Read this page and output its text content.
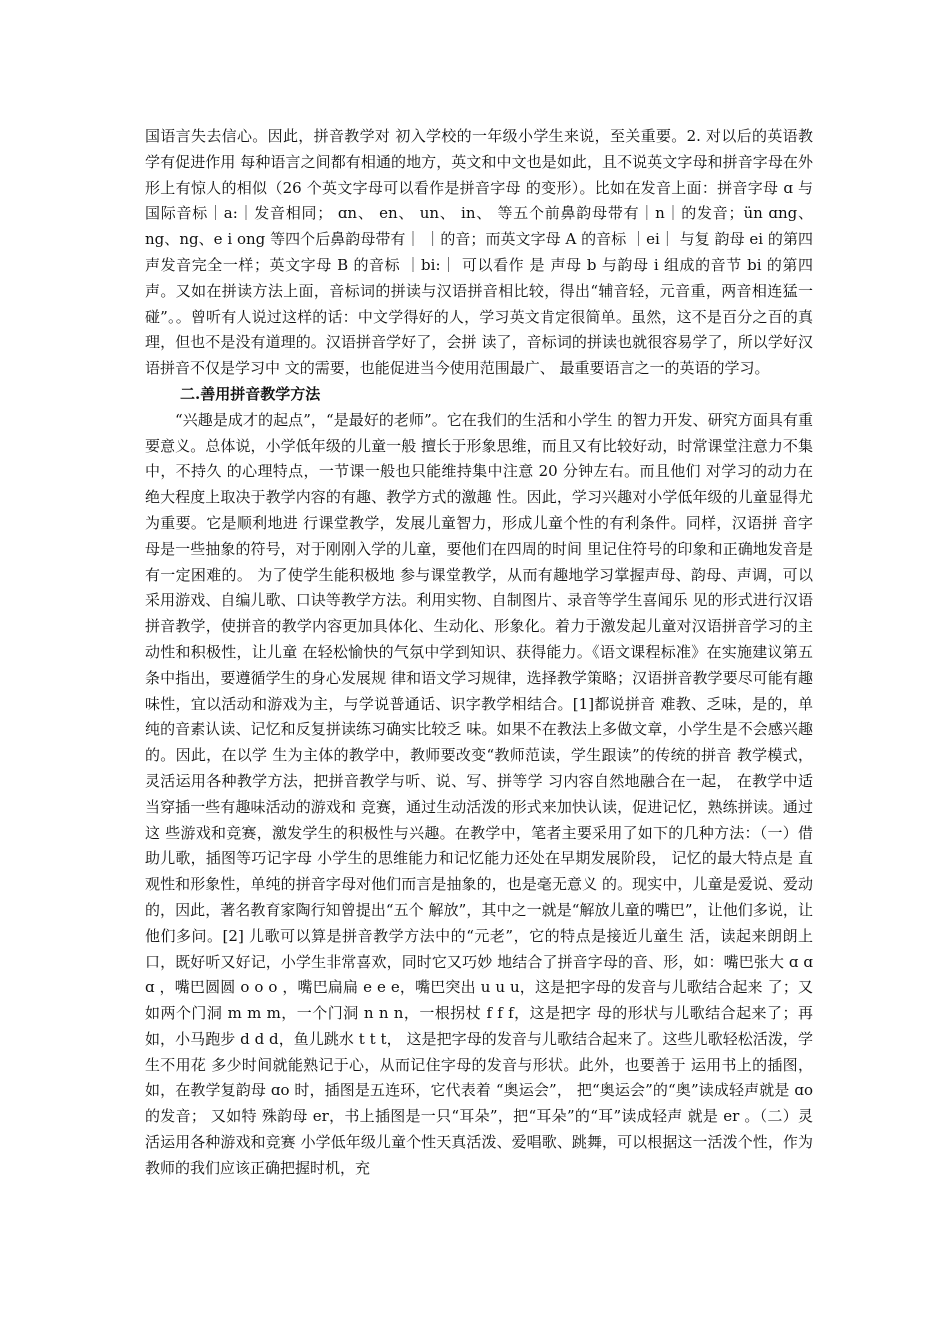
国语言失去信心。因此，拼音教学对 初入学校的一年级小学生来说，至关重要。2. 对以后的英语教学有促进作用 每种语言之间都有相通的地方，英文和中文也是如此，且不说英文字母和拼音字母在外形上有惊人的相似（26 个英文字母可以看作是拼音字母 的变形）。比如在发音上面：拼音字母 ɑ 与国际音标｜a:｜发音相同； ɑn、 en、 un、 in、 等五个前鼻韵母带有｜n｜的发音；ün ɑng、ng、ng、e i ong 等四个后鼻韵母带有｜ ｜的音；而英文字母 A 的音标 ｜ei｜ 与复 韵母 ei 的第四声发音完全一样；英文字母 B 的音标 ｜bi:｜ 可以看作 是 声母 b 与韵母 i 组成的音节 bi 的第四声。又如在拼读方法上面，音标词的拼读与汉语拼音相比较，得出“辅音轻，元音重，两音相连猛一碰”。。曾听有人说过这样的话：中文学得好的人，学习英文肯定很简单。虽然，这不是百分之百的真理，但也不是没有道理的。汉语拼音学好了，会拼 读了，音标词的拼读也就很容易学了，所以学好汉语拼音不仅是学习中 文的需要，也能促进当今使用范围最广、 最重要语言之一的英语的学习。

二.善用拼音教学方法

“兴趣是成才的起点”，“是最好的老师”。它在我们的生活和小学生 的智力开发、研究方面具有重要意义。总体说，小学低年级的儿童一般 擅长于形象思维，而且又有比较好动，时常课堂注意力不集中，不持久 的心理特点，一节课一般也只能维持集中注意 20 分钟左右。而且他们 对学习的动力在绝大程度上取决于教学内容的有趣、教学方式的激趣 性。因此，学习兴趣对小学低年级的儿童显得尤为重要。它是顺利地进 行课堂教学，发展儿童智力，形成儿童个性的有利条件。同样，汉语拼 音字母是一些抽象的符号，对于刚刚入学的儿童，要他们在四周的时间 里记住符号的印象和正确地发音是有一定困难的。 为了使学生能积极地 参与课堂教学，从而有趣地学习掌握声母、韵母、声调，可以采用游戏、自编儿歌、口诀等教学方法。利用实物、自制图片、录音等学生喜闻乐 见的形式进行汉语拼音教学，使拼音的教学内容更加具体化、生动化、形象化。着力于激发起儿童对汉语拼音学习的主动性和积极性，让儿童 在轻松愉快的气氛中学到知识、获得能力。《语文课程标准》在实施建议第五条中指出，要遵循学生的身心发展规 律和语文学习规律，选择教学策略；汉语拼音教学要尽可能有趣味性，宜以活动和游戏为主，与学说普通话、识字教学相结合。[1]都说拼音 难教、乏味，是的，单纯的音素认读、记忆和反复拼读练习确实比较乏 味。如果不在教法上多做文章，小学生是不会感兴趣的。因此，在以学 生为主体的教学中，教师要改变“教师范读，学生跟读”的传统的拼音 教学模式，灵活运用各种教学方法，把拼音教学与听、说、写、拼等学 习内容自然地融合在一起， 在教学中适当穿插一些有趣味活动的游戏和 竞赛，通过生动活泼的形式来加快认读，促进记忆，熟练拼读。通过这 些游戏和竞赛，激发学生的积极性与兴趣。在教学中，笔者主要采用了如下的几种方法：（一）借助儿歌，插图等巧记字母 小学生的思维能力和记忆能力还处在早期发展阶段， 记忆的最大特点是 直观性和形象性，单纯的拼音字母对他们而言是抽象的，也是毫无意义 的。现实中，儿童是爱说、爱动的，因此，著名教育家陶行知曾提出“五个 解放”，其中之一就是“解放儿童的嘴巴”，让他们多说，让他们多问。[2] 儿歌可以算是拼音教学方法中的“元老”，它的特点是接近儿童生 活，读起来朗朗上口，既好听又好记，小学生非常喜欢，同时它又巧妙 地结合了拼音字母的音、形，如：嘴巴张大 ɑ ɑ ɑ ，嘴巴圆圆 o o o ，嘴巴扁扁 e e e，嘴巴突出 u u u，这是把字母的发音与儿歌结合起来 了；又如两个门洞 m m m，一个门洞 n n n，一根拐杖 f f f，这是把字 母的形状与儿歌结合起来了；再如，小马跑步 d d d，鱼儿跳水 t t t， 这是把字母的发音与儿歌结合起来了。这些儿歌轻松活泼，学生不用花 多少时间就能熟记于心，从而记住字母的发音与形状。此外，也要善于 运用书上的插图，如，在教学复韵母 ɑo 时，插图是五连环，它代表着 “奥运会”， 把“奥运会”的“奥”读成轻声就是 ɑo 的发音； 又如特 殊韵母 er，书上插图是一只“耳朵”，把“耳朵”的“耳”读成轻声 就是 er 。（二）灵活运用各种游戏和竞赛 小学低年级儿童个性天真活泼、爱唱歌、跳舞，可以根据这一活泼个性，作为教师的我们应该正确把握时机，充
